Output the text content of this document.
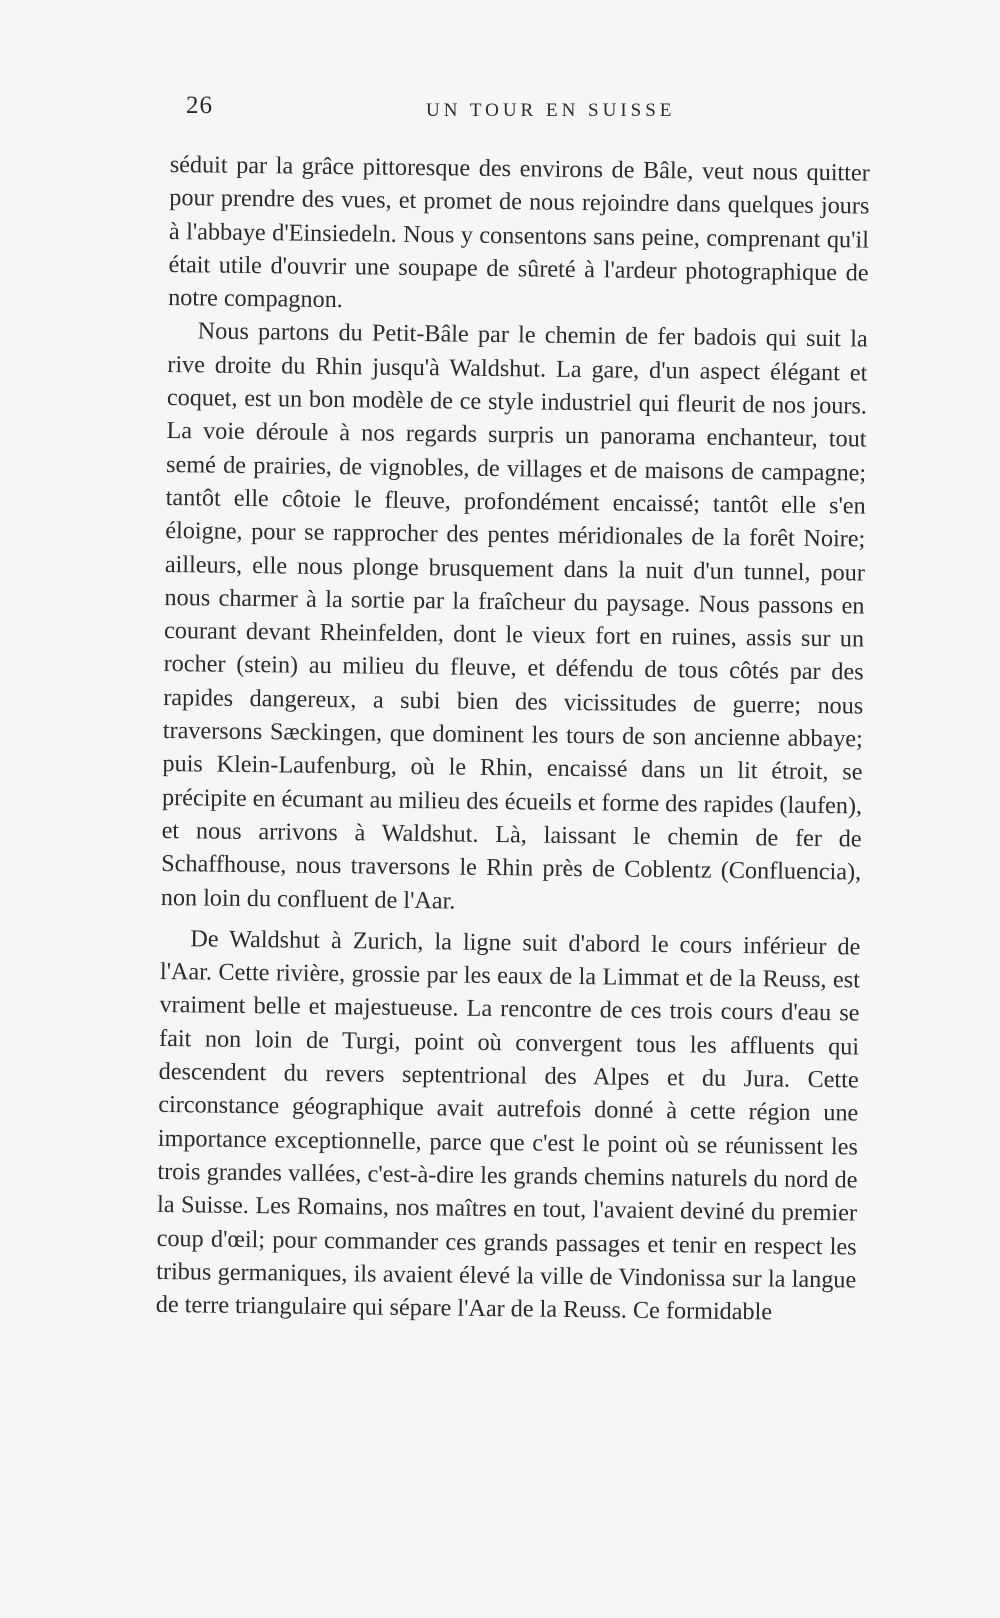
26	UN TOUR EN SUISSE

séduit par la grâce pittoresque des environs de Bâle, veut nous quitter pour prendre des vues, et promet de nous rejoindre dans quelques jours à l'abbaye d'Einsiedeln. Nous y consentons sans peine, comprenant qu'il était utile d'ouvrir une soupape de sûreté à l'ardeur photographique de notre compagnon.

Nous partons du Petit-Bâle par le chemin de fer badois qui suit la rive droite du Rhin jusqu'à Waldshut. La gare, d'un aspect élégant et coquet, est un bon modèle de ce style industriel qui fleurit de nos jours. La voie déroule à nos regards surpris un panorama enchanteur, tout semé de prairies, de vignobles, de villages et de maisons de campagne; tantôt elle côtoie le fleuve, profondément encaissé; tantôt elle s'en éloigne, pour se rapprocher des pentes méridionales de la forêt Noire; ailleurs, elle nous plonge brusquement dans la nuit d'un tunnel, pour nous charmer à la sortie par la fraîcheur du paysage. Nous passons en courant devant Rheinfelden, dont le vieux fort en ruines, assis sur un rocher (stein) au milieu du fleuve, et défendu de tous côtés par des rapides dangereux, a subi bien des vicissitudes de guerre; nous traversons Sæckingen, que dominent les tours de son ancienne abbaye; puis Klein-Laufenburg, où le Rhin, encaissé dans un lit étroit, se précipite en écumant au milieu des écueils et forme des rapides (laufen), et nous arrivons à Waldshut. Là, laissant le chemin de fer de Schaffhouse, nous traversons le Rhin près de Coblentz (Confluencia), non loin du confluent de l'Aar.

De Waldshut à Zurich, la ligne suit d'abord le cours inférieur de l'Aar. Cette rivière, grossie par les eaux de la Limmat et de la Reuss, est vraiment belle et majestueuse. La rencontre de ces trois cours d'eau se fait non loin de Turgi, point où convergent tous les affluents qui descendent du revers septentrional des Alpes et du Jura. Cette circonstance géographique avait autrefois donné à cette région une importance exceptionnelle, parce que c'est le point où se réunissent les trois grandes vallées, c'est-à-dire les grands chemins naturels du nord de la Suisse. Les Romains, nos maîtres en tout, l'avaient deviné du premier coup d'œil; pour commander ces grands passages et tenir en respect les tribus germaniques, ils avaient élevé la ville de Vindonissa sur la langue de terre triangulaire qui sépare l'Aar de la Reuss. Ce formidable
